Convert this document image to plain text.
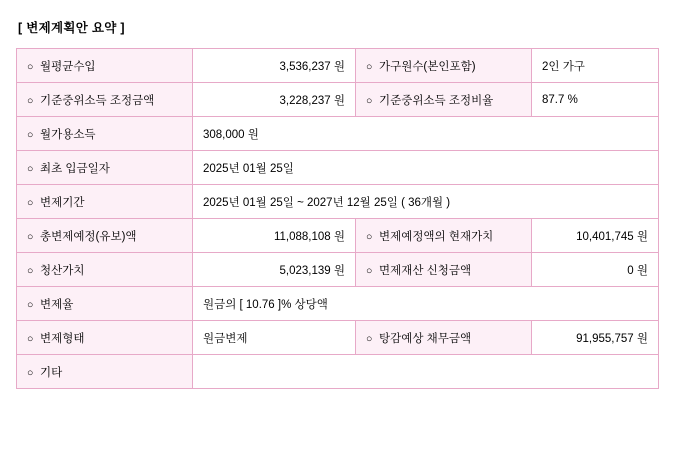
[ 변제계획안 요약 ]
○ 월평균수입	3,536,237 원	○ 가구원수(본인포함)	2인 가구
○ 기준중위소득 조정금액	3,228,237 원	○ 기준중위소득 조정비율	87.7 %
○ 월가용소득	308,000 원		
○ 최초 입금일자	2025년 01월 25일		
○ 변제기간	2025년 01월 25일 ~ 2027년 12월 25일 ( 36개월 )		
○ 총변제예정(유보)액	11,088,108 원	○ 변제예정액의 현재가치	10,401,745 원
○ 청산가치	5,023,139 원	○ 면제재산 신청금액	0 원
○ 변제율	원금의 [ 10.76 ]% 상당액		
○ 변제형태	원금변제	○ 탕감예상 채무금액	91,955,757 원
○ 기타			
